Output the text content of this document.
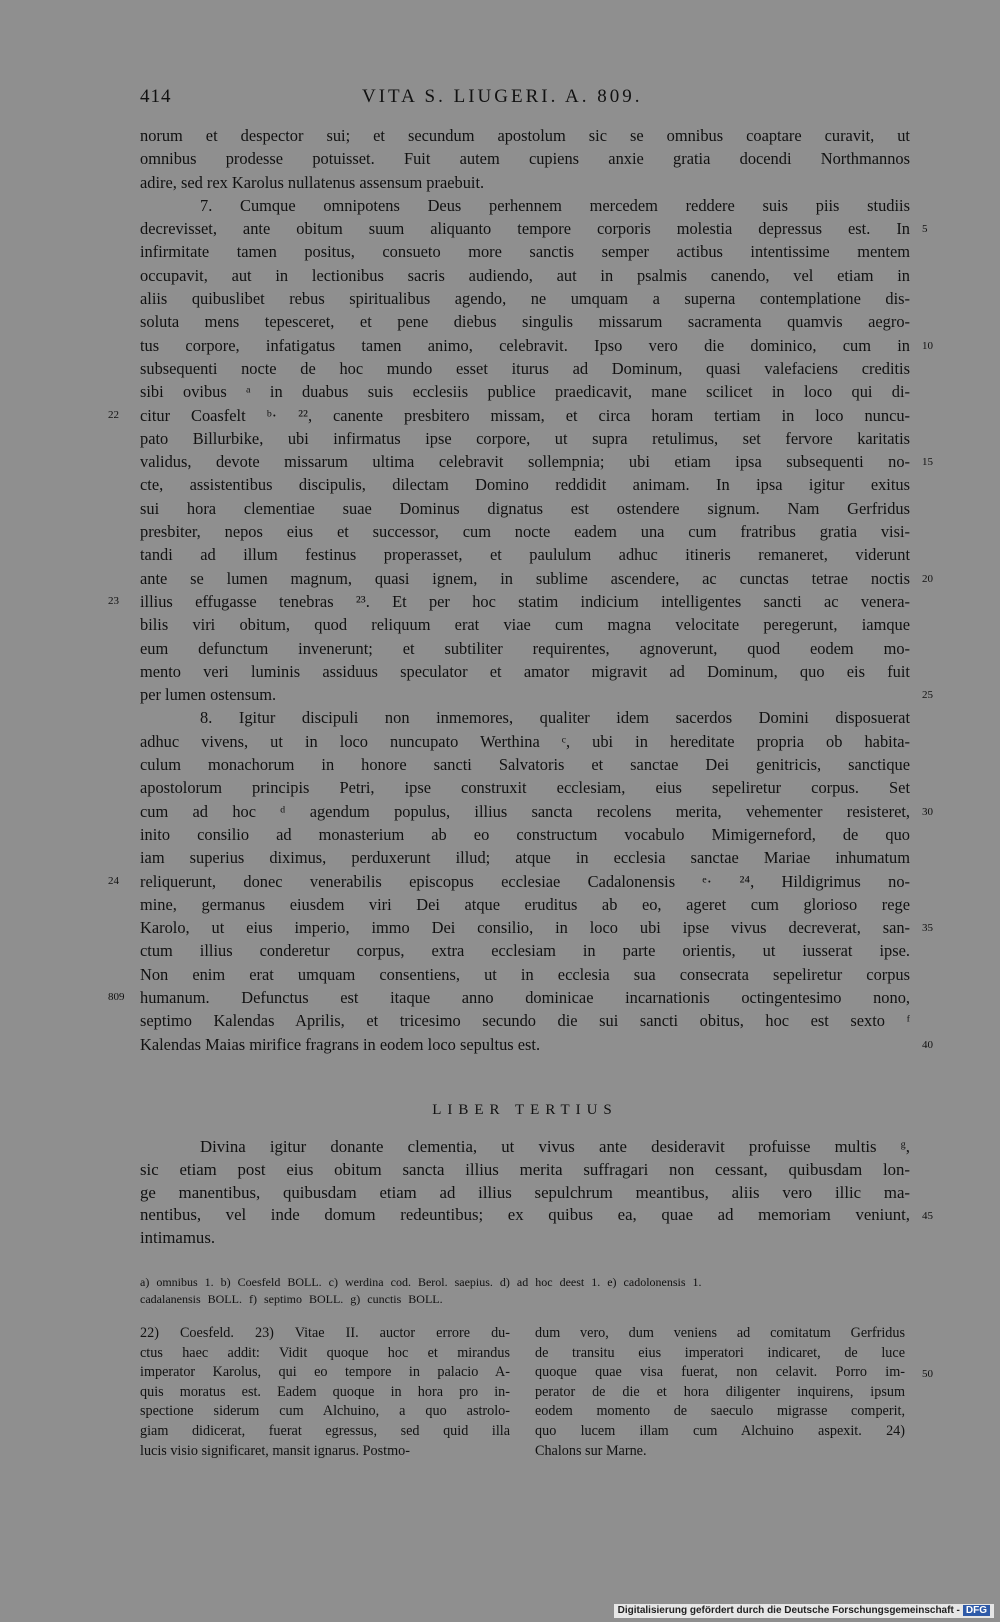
414	VITA S. LIUGERI. A. 809.
norum et despector sui; et secundum apostolum sic se omnibus coaptare curavit, ut
omnibus prodesse potuisset. Fuit autem cupiens anxie gratia docendi Northmannos
adire, sed rex Karolus nullatenus assensum praebuit.
7. Cumque omnipotens Deus perhennem mercedem reddere suis piis studiis
decrevisset, ante obitum suum aliquanto tempore corporis molestia depressus est. In 5
infirmitate tamen positus, consueto more sanctis semper actibus intentissime mentem
occupavit, aut in lectionibus sacris audiendo, aut in psalmis canendo, vel etiam in
aliis quibuslibet rebus spiritualibus agendo, ne umquam a superna contemplatione dis-
soluta mens tepesceret, et pene diebus singulis missarum sacramenta quamvis aegro-
tus corpore, infatigatus tamen animo, celebravit. Ipso vero die dominico, cum in 10
subsequenti nocte de hoc mundo esset iturus ad Dominum, quasi valefaciens creditis
sibi ovibus ᵃ in duabus suis ecclesiis publice praedicavit, mane scilicet in loco qui di-
citur Coasfelt ᵇ· ²², canente presbitero missam, et circa horam tertiam in loco nuncu-
22
pato Billurbike, ubi infirmatus ipse corpore, ut supra retulimus, set fervore karitatis
validus, devote missarum ultima celebravit sollempnia; ubi etiam ipsa subsequenti no- 15
cte, assistentibus discipulis, dilectam Domino reddidit animam. In ipsa igitur exitus
sui hora clementiae suae Dominus dignatus est ostendere signum. Nam Gerfridus
presbiter, nepos eius et successor, cum nocte eadem una cum fratribus gratia visi-
tandi ad illum festinus properasset, et paululum adhuc itineris remaneret, viderunt
ante se lumen magnum, quasi ignem, in sublime ascendere, ac cunctas tetrae noctis 20
illius effugasse tenebras ²³. Et per hoc statim indicium intelligentes sancti ac venera-
23
bilis viri obitum, quod reliquum erat viae cum magna velocitate peregerunt, iamque
eum defunctum invenerunt; et subtiliter requirentes, agnoverunt, quod eodem mo-
mento veri luminis assiduus speculator et amator migravit ad Dominum, quo eis fuit
per lumen ostensum.	25
8. Igitur discipuli non inmemores, qualiter idem sacerdos Domini disposuerat
adhuc vivens, ut in loco nuncupato Werthina ᶜ, ubi in hereditate propria ob habita-
culum monachorum in honore sancti Salvatoris et sanctae Dei genitricis, sanctique
apostolorum principis Petri, ipse construxit ecclesiam, eius sepeliretur corpus. Set
cum ad hoc ᵈ agendum populus, illius sancta recolens merita, vehementer resisteret, 30
inito consilio ad monasterium ab eo constructum vocabulo Mimigerneford, de quo
iam superius diximus, perduxerunt illud; atque in ecclesia sanctae Mariae inhumatum
reliquerunt, donec venerabilis episcopus ecclesiae Cadalonensis ᵉ· ²⁴, Hildigrimus no-
24
mine, germanus eiusdem viri Dei atque eruditus ab eo, ageret cum glorioso rege
Karolo, ut eius imperio, immo Dei consilio, in loco ubi ipse vivus decreverat, san- 35
ctum illius conderetur corpus, extra ecclesiam in parte orientis, ut iusserat ipse.
Non enim erat umquam consentiens, ut in ecclesia sua consecrata sepeliretur corpus
humanum. Defunctus est itaque anno dominicae incarnationis octingentesimo nono,
809
septimo Kalendas Aprilis, et tricesimo secundo die sui sancti obitus, hoc est sexto ᶠ
Kalendas Maias mirifice fragrans in eodem loco sepultus est.	40
LIBER TERTIUS
Divina igitur donante clementia, ut vivus ante desideravit profuisse multis ᵍ,
sic etiam post eius obitum sancta illius merita suffragari non cessant, quibusdam lon-
ge manentibus, quibusdam etiam ad illius sepulchrum meantibus, aliis vero illic ma-
nentibus, vel inde domum redeuntibus; ex quibus ea, quae ad memoriam veniunt, 45
intimamus.
a) omnibus 1. b) Coesfeld BOLL. c) werdina cod. Berol. saepius. d) ad hoc deest 1. e) cadolonensis 1.
cadalanensis BOLL. f) septimo BOLL. g) cunctis BOLL.
22) Coesfeld. 23) Vitae II. auctor errore du-
ctus haec addit: Vidit quoque hoc et mirandus
imperator Karolus, qui eo tempore in palacio A-
quis moratus est. Eadem quoque in hora pro in-
spectione siderum cum Alchuino, a quo astrolo-
giam didicerat, fuerat egressus, sed quid illa
lucis visio significaret, mansit ignarus. Postmo-
dum vero, dum veniens ad comitatum Gerfridus
de transitu eius imperatori indicaret, de luce
quoque quae visa fuerat, non celavit. Porro im-
perator de die et hora diligenter inquirens, ipsum
eodem momento de saeculo migrasse comperit,
quo lucem illam cum Alchuino aspexit. 24)
Chalons sur Marne.
50
Digitalisierung gefördert durch die Deutsche Forschungsgemeinschaft - DFG
